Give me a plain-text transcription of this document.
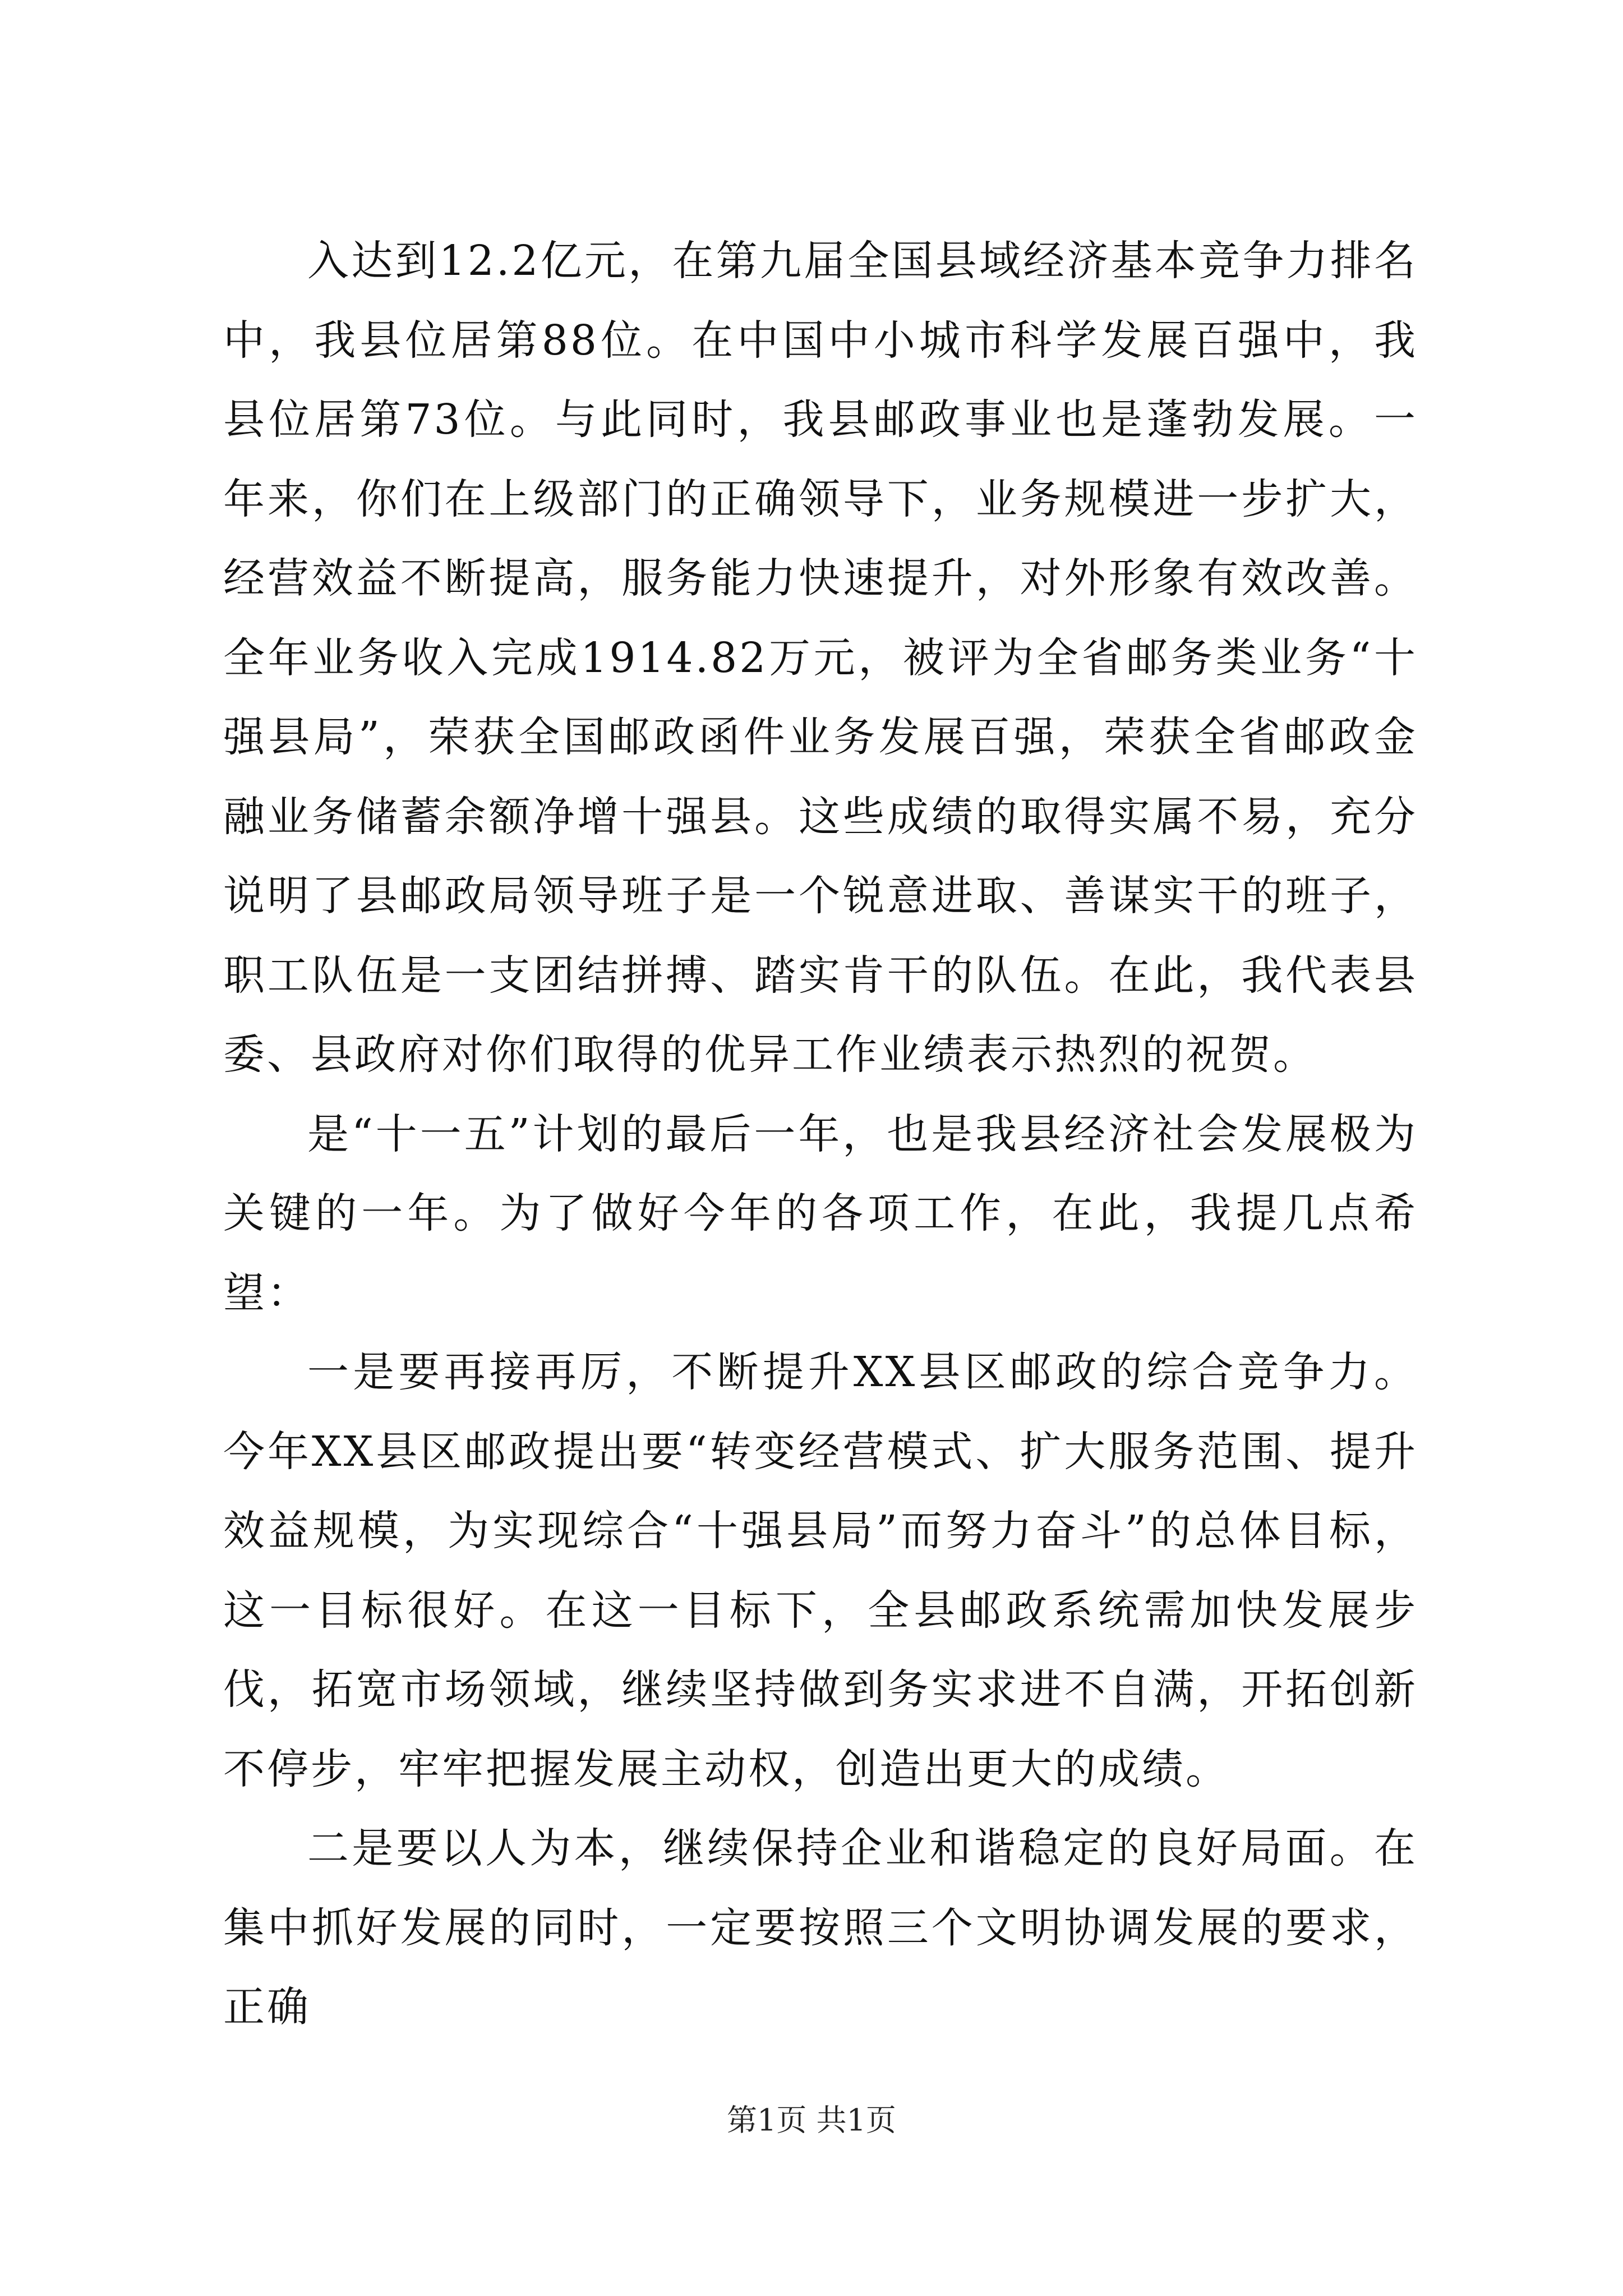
入达到12.2亿元，在第九届全国县域经济基本竞争力排名中，我县位居第88位。在中国中小城市科学发展百强中，我县位居第73位。与此同时，我县邮政事业也是蓬勃发展。一年来，你们在上级部门的正确领导下，业务规模进一步扩大，经营效益不断提高，服务能力快速提升，对外形象有效改善。全年业务收入完成1914.82万元，被评为全省邮务类业务“十强县局”，荣获全国邮政函件业务发展百强，荣获全省邮政金融业务储蓄余额净增十强县。这些成绩的取得实属不易，充分说明了县邮政局领导班子是一个锐意进取、善谋实干的班子，职工队伍是一支团结拼搏、踏实肯干的队伍。在此，我代表县委、县政府对你们取得的优异工作业绩表示热烈的祝贺。

是“十一五”计划的最后一年，也是我县经济社会发展极为关键的一年。为了做好今年的各项工作，在此，我提几点希望：

一是要再接再厉，不断提升XX县区邮政的综合竞争力。今年XX县区邮政提出要“转变经营模式、扩大服务范围、提升效益规模，为实现综合“十强县局”而努力奋斗”的总体目标，这一目标很好。在这一目标下，全县邮政系统需加快发展步伐，拓宽市场领域，继续坚持做到务实求进不自满，开拓创新不停步，牢牢把握发展主动权，创造出更大的成绩。

二是要以人为本，继续保持企业和谐稳定的良好局面。在集中抓好发展的同时，一定要按照三个文明协调发展的要求，正确

第1页 共1页
